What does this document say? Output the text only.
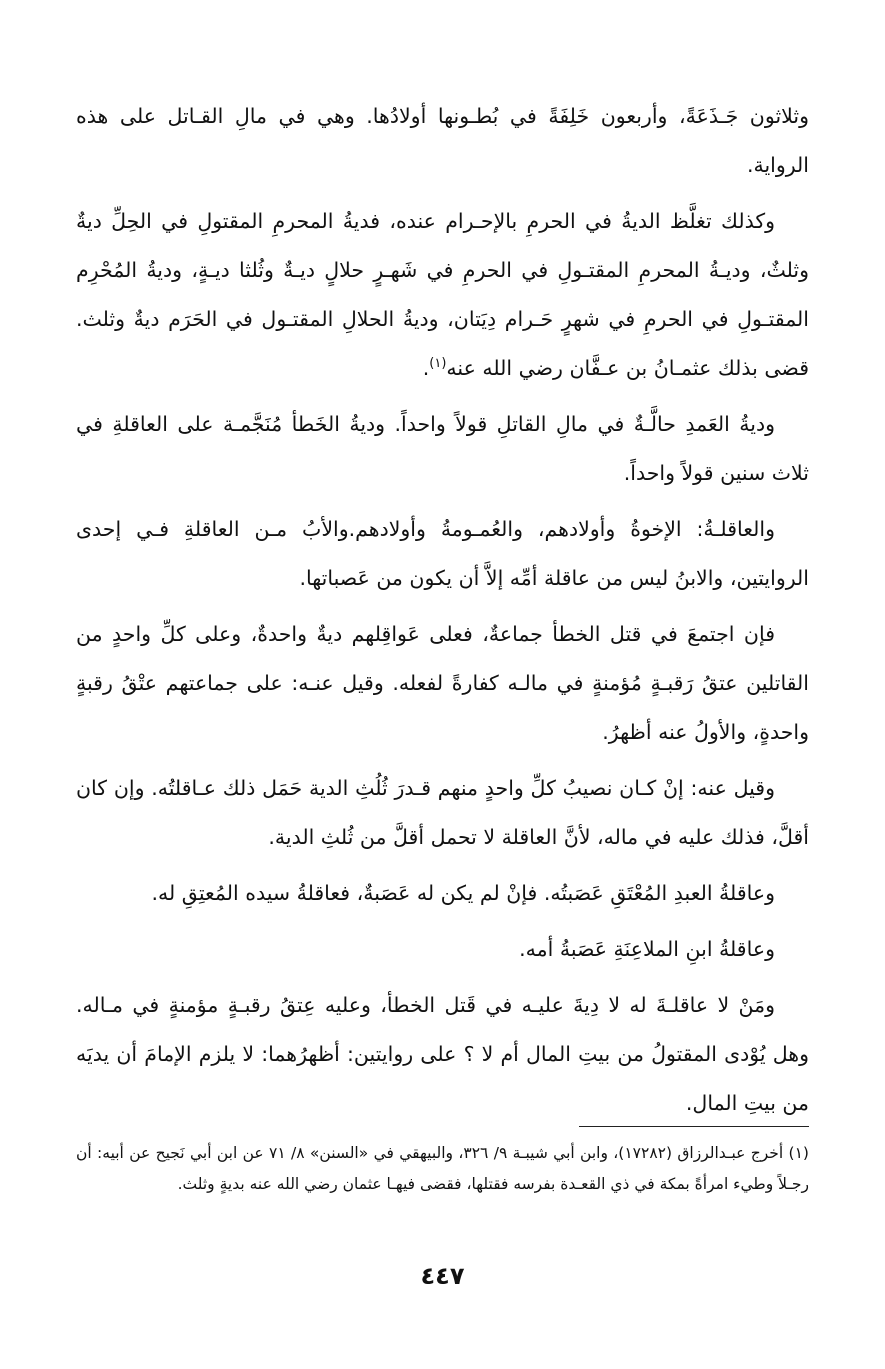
وثلاثون جَـذَعَةً، وأربعون خَلِفَةً في بُطـونها أولادُها. وهي في مالِ القـاتل على هذه الرواية.

وكذلك تغلَّظ الديةُ في الحرمِ بالإحـرام عنده، فديةُ المحرمِ المقتولِ في الحِلِّ ديةٌ وثلثٌ، وديـةُ المحرمِ المقتـولِ في الحرمِ في شَهـرٍ حلالٍ ديـةٌ وثُلثا ديـةٍ، وديةُ المُحْرِم المقتـولِ في الحرمِ في شهرٍ حَـرام دِيَتان، وديةُ الحلالِ المقتـول في الحَرَم ديةٌ وثلث. قضى بذلك عثمـانُ بن عـفَّان رضي الله عنه$^{(١)}$.

وديةُ العَمدِ حالَّـةٌ في مالِ القاتلِ قولاً واحداً. وديةُ الخَطأ مُنَجَّمـة على العاقلةِ في ثلاث سنين قولاً واحداً.

والعاقلـةُ: الإخوةُ وأولادهم، والعُمـومةُ وأولادهم.والأبُ مـن العاقلةِ فـي إحدى الروايتين، والابنُ ليس من عاقلة أمِّه إلاَّ أن يكون من عَصباتها.

فإن اجتمعَ في قتل الخطأ جماعةٌ، فعلى عَواقِلهم ديةٌ واحدةٌ، وعلى كلِّ واحدٍ من القاتلين عتقُ رَقبـةٍ مُؤمنةٍ في مالـه كفارةً لفعله. وقيل عنـه: على جماعتهم عتْقُ رقبةٍ واحدةٍ، والأولُ عنه أظهرُ.

وقيل عنه: إنْ كـان نصيبُ كلِّ واحدٍ منهم قـدرَ ثُلُثِ الدية حَمَل ذلك عـاقلتُه. وإن كان أقلَّ، فذلك عليه في ماله، لأنَّ العاقلة لا تحمل أقلَّ من ثُلثِ الدية.

وعاقلةُ العبدِ المُعْتَقِ عَصَبتُه. فإنْ لم يكن له عَصَبةٌ، فعاقلةُ سيده المُعتِقِ له.

وعاقلةُ ابنِ الملاعِنَةِ عَصَبةُ أمه.

ومَنْ لا عاقلـةَ له لا دِيةَ عليـه في قَتل الخطأ، وعليه عِتقُ رقبـةٍ مؤمنةٍ في مـاله. وهل يُوْدى المقتولُ من بيتِ المال أم لا ؟ على روايتين: أظهرُهما: لا يلزم الإمامَ أن يديَه من بيتِ المال.

(١) أخرج عبـدالرزاق (١٧٢٨٢)، وابن أبي شيبـة ٩/ ٣٢٦، والبيهقي في «السنن» ٨/ ٧١ عن ابن أبي نَجيح عن أبيه: أن رجـلاً وطيء امرأةً بمكة في ذي القعـدة بفرسه فقتلها، فقضى فيهـا عثمان رضي الله عنه بديةٍ وثلث.
٤٤٧
